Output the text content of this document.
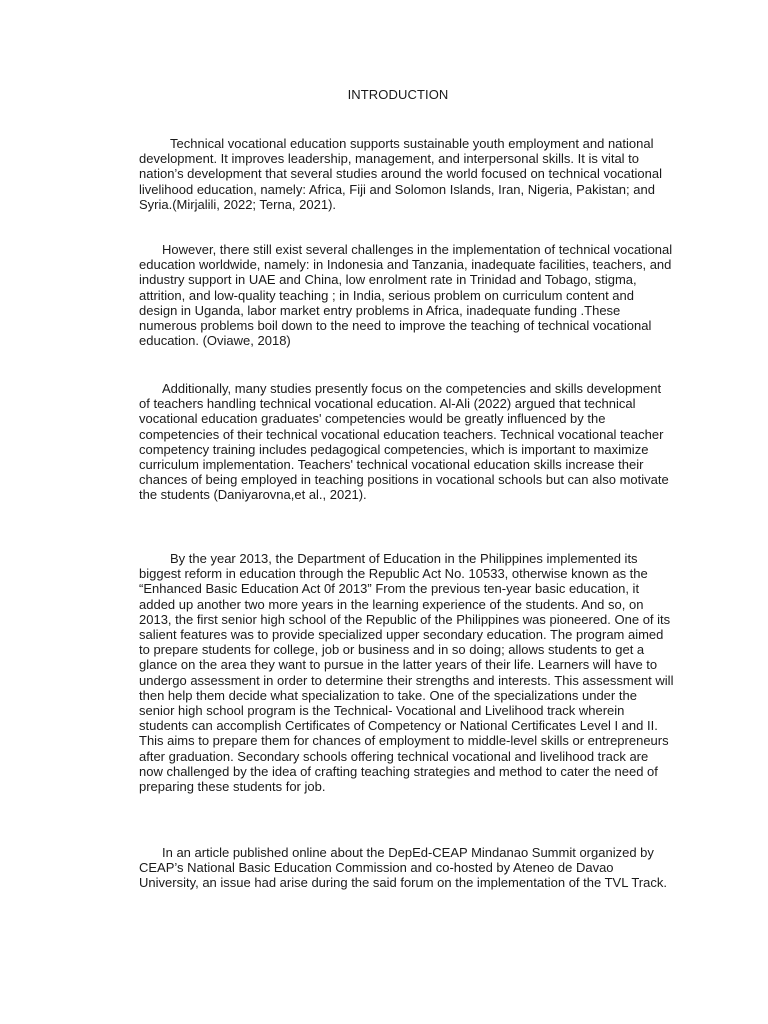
INTRODUCTION

Technical vocational education supports sustainable youth employment and national development. It improves leadership, management, and interpersonal skills. It is vital to nation’s development that several studies around the world focused on technical vocational livelihood education, namely: Africa, Fiji and Solomon Islands, Iran, Nigeria, Pakistan; and Syria.(Mirjalili, 2022; Terna, 2021).

However, there still exist several challenges in the implementation of technical vocational education worldwide, namely: in Indonesia and Tanzania, inadequate facilities, teachers, and industry support in UAE and China, low enrolment rate in Trinidad and Tobago, stigma, attrition, and low-quality teaching ; in India, serious problem on curriculum content and design in Uganda, labor market entry problems in Africa, inadequate funding .These numerous problems boil down to the need to improve the teaching of technical vocational education. (Oviawe, 2018)

Additionally, many studies presently focus on the competencies and skills development of teachers handling technical vocational education. Al-Ali (2022) argued that technical vocational education graduates' competencies would be greatly influenced by the competencies of their technical vocational education teachers. Technical vocational teacher competency training includes pedagogical competencies, which is important to maximize curriculum implementation. Teachers' technical vocational education skills increase their chances of being employed in teaching positions in vocational schools but can also motivate the students (Daniyarovna,et al., 2021).

By the year 2013, the Department of Education in the Philippines implemented its biggest reform in education through the Republic Act No. 10533, otherwise known as the “Enhanced Basic Education Act 0f 2013” From the previous ten-year basic education, it added up another two more years in the learning experience of the students. And so, on 2013, the first senior high school of the Republic of the Philippines was pioneered. One of its salient features was to provide specialized upper secondary education. The program aimed to prepare students for college, job or business and in so doing; allows students to get a glance on the area they want to pursue in the latter years of their life. Learners will have to undergo assessment in order to determine their strengths and interests. This assessment will then help them decide what specialization to take. One of the specializations under the senior high school program is the Technical- Vocational and Livelihood track wherein students can accomplish Certificates of Competency or National Certificates Level I and II. This aims to prepare them for chances of employment to middle-level skills or entrepreneurs after graduation. Secondary schools offering technical vocational and livelihood track are now challenged by the idea of crafting teaching strategies and method to cater the need of preparing these students for job.

In an article published online about the DepEd-CEAP Mindanao Summit organized by CEAP’s National Basic Education Commission and co-hosted by Ateneo de Davao University, an issue had arise during the said forum on the implementation of the TVL Track.
